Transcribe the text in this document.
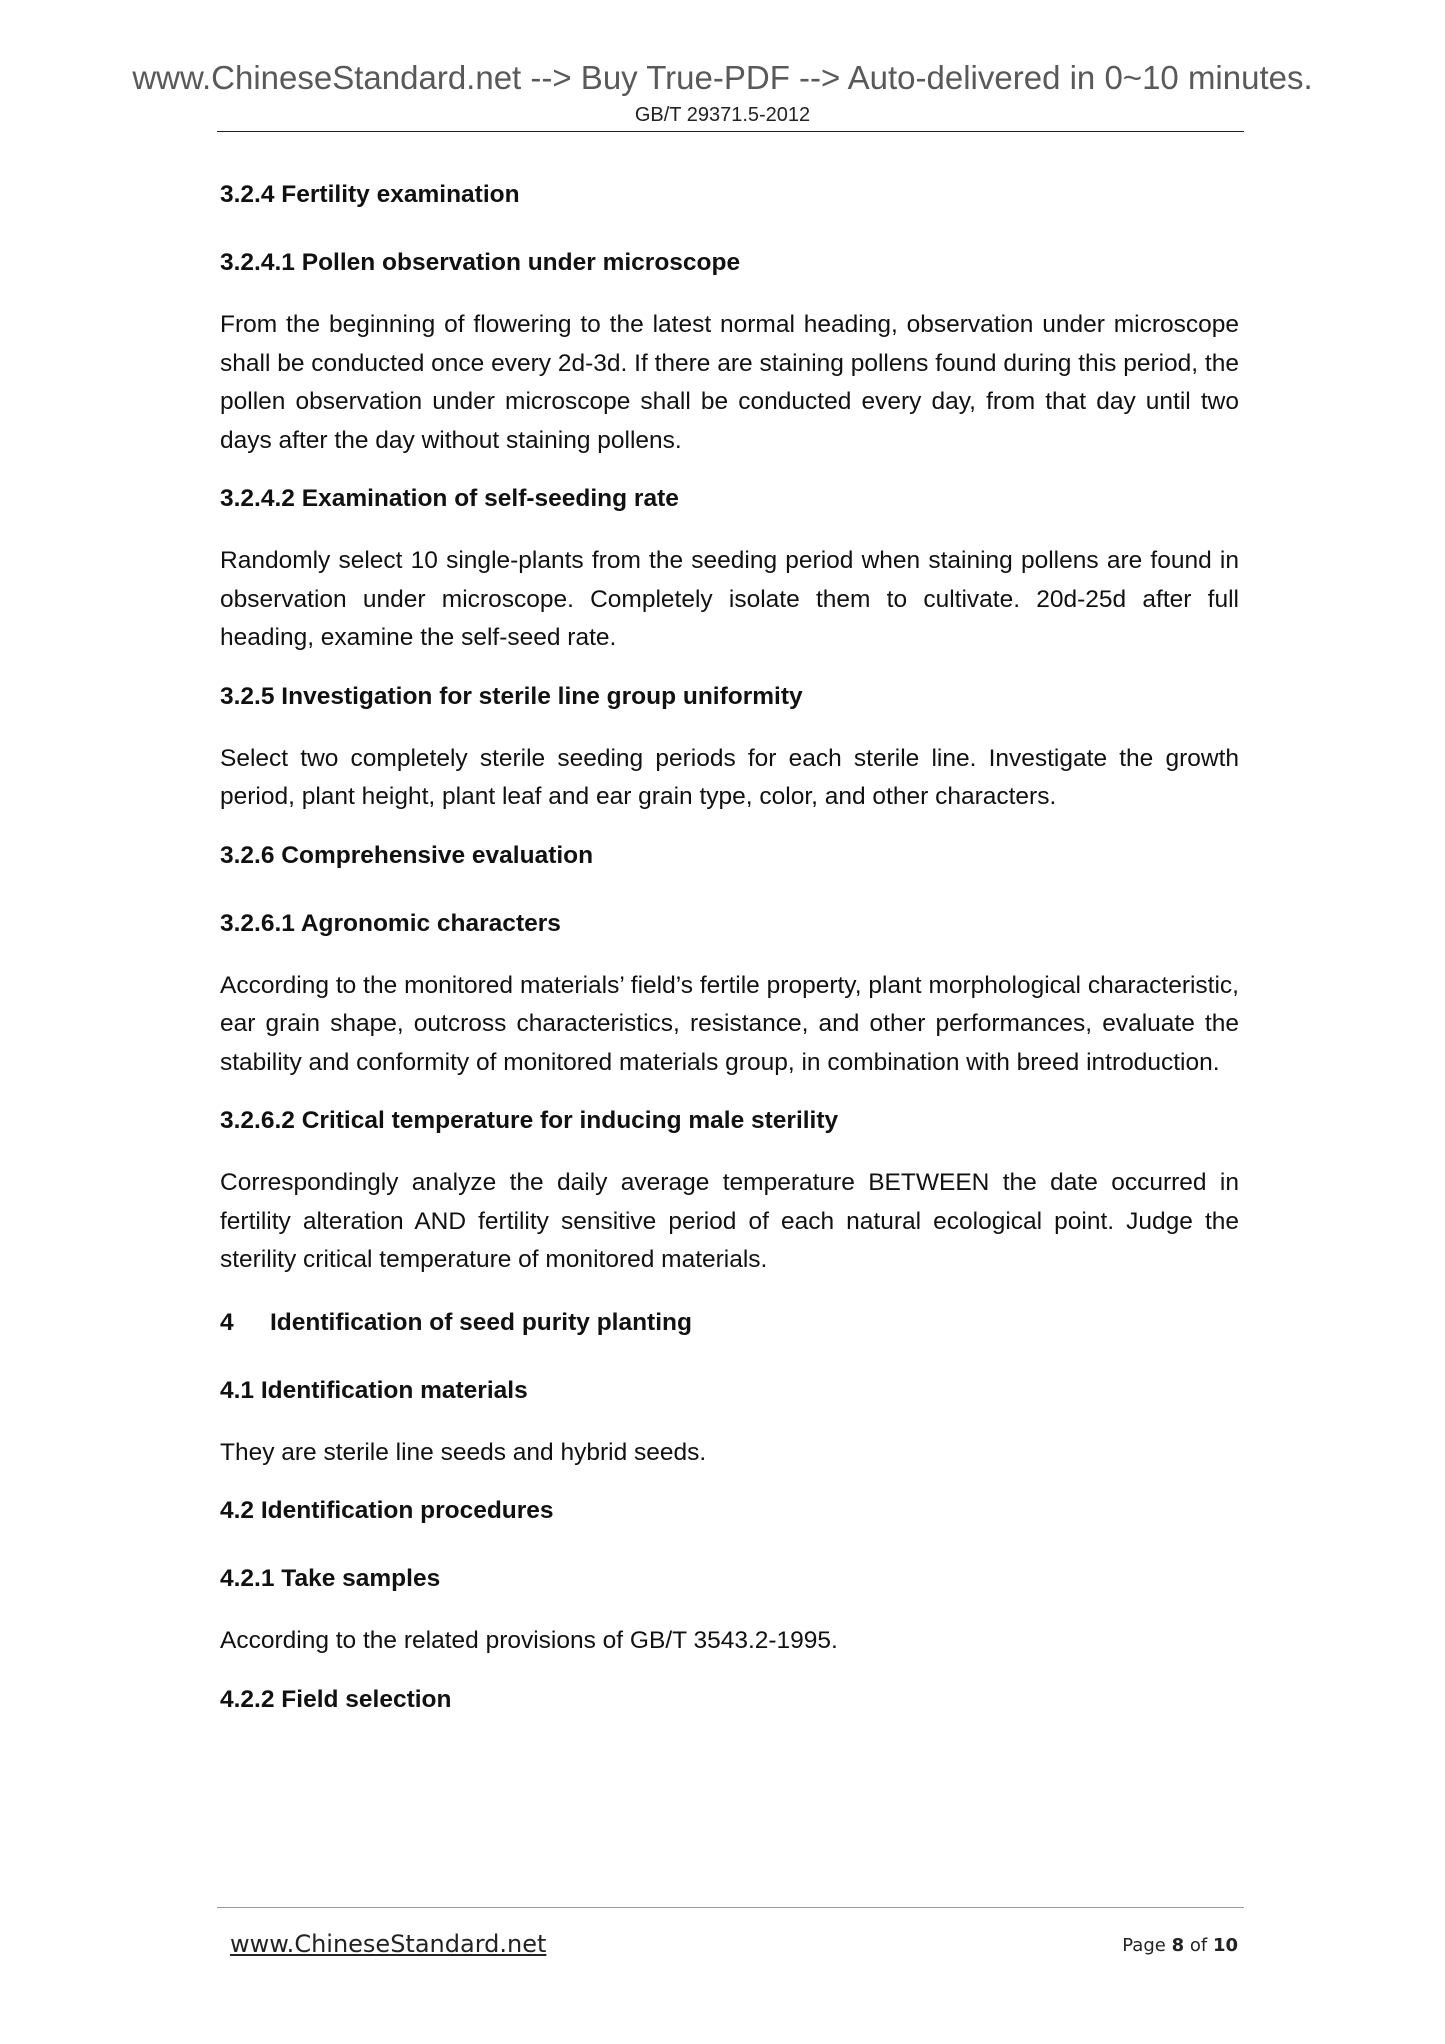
www.ChineseStandard.net --> Buy True-PDF --> Auto-delivered in 0~10 minutes.
GB/T 29371.5-2012
3.2.4 Fertility examination
3.2.4.1 Pollen observation under microscope

From the beginning of flowering to the latest normal heading, observation under microscope shall be conducted once every 2d-3d. If there are staining pollens found during this period, the pollen observation under microscope shall be conducted every day, from that day until two days after the day without staining pollens.

3.2.4.2 Examination of self-seeding rate

Randomly select 10 single-plants from the seeding period when staining pollens are found in observation under microscope. Completely isolate them to cultivate. 20d-25d after full heading, examine the self-seed rate.

3.2.5 Investigation for sterile line group uniformity

Select two completely sterile seeding periods for each sterile line. Investigate the growth period, plant height, plant leaf and ear grain type, color, and other characters.

3.2.6 Comprehensive evaluation
3.2.6.1 Agronomic characters

According to the monitored materials’ field’s fertile property, plant morphological characteristic, ear grain shape, outcross characteristics, resistance, and other performances, evaluate the stability and conformity of monitored materials group, in combination with breed introduction.

3.2.6.2 Critical temperature for inducing male sterility

Correspondingly analyze the daily average temperature BETWEEN the date occurred in fertility alteration AND fertility sensitive period of each natural ecological point. Judge the sterility critical temperature of monitored materials.

4 Identification of seed purity planting
4.1 Identification materials

They are sterile line seeds and hybrid seeds.

4.2 Identification procedures
4.2.1 Take samples

According to the related provisions of GB/T 3543.2-1995.

4.2.2 Field selection
www.ChineseStandard.net	Page 8 of 10
